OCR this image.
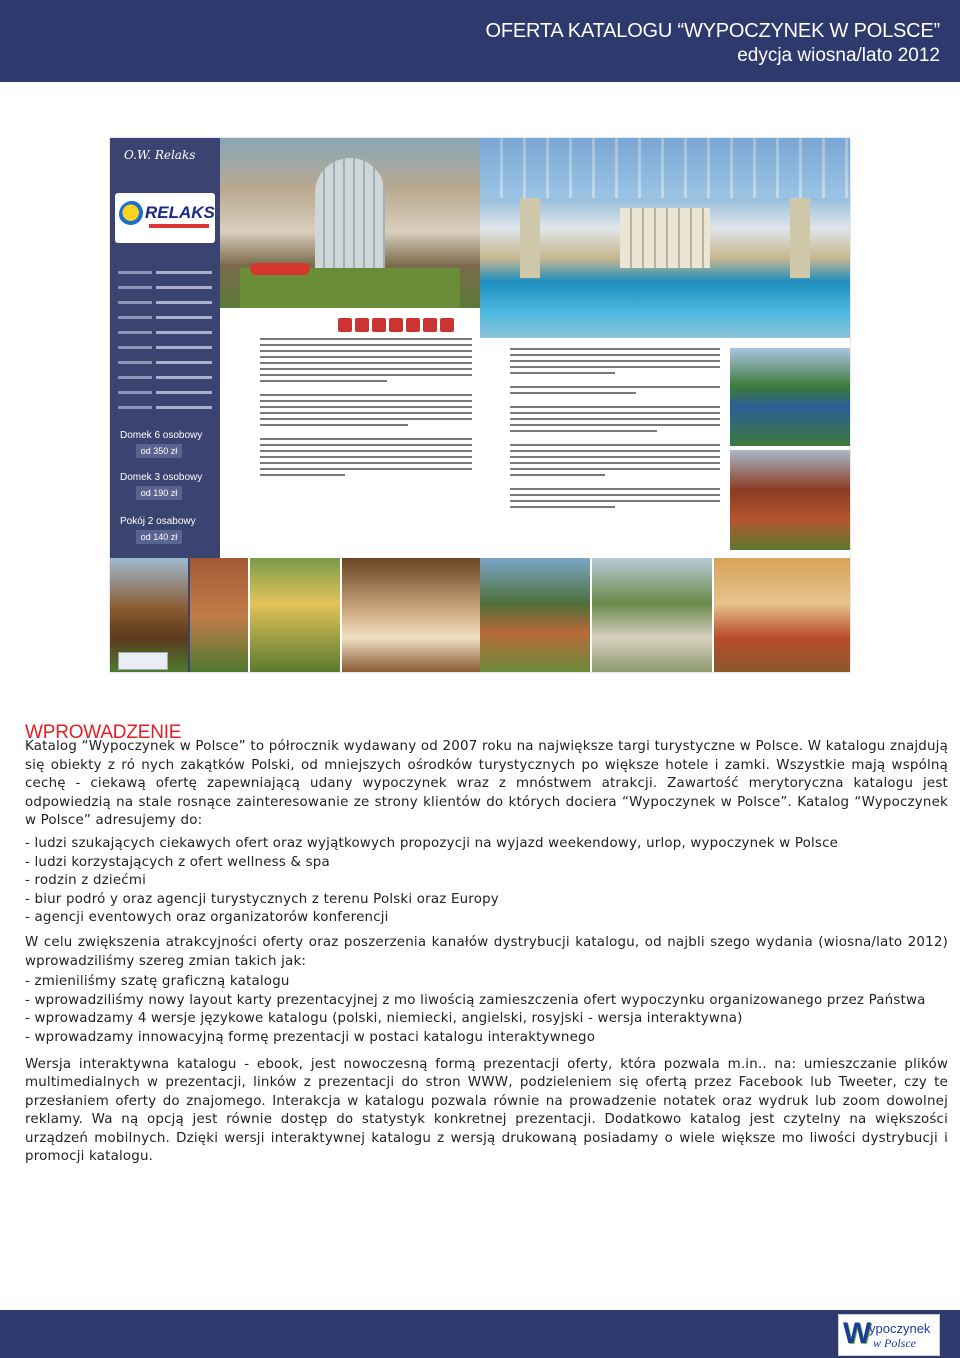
OFERTA KATALOGU “WYPOCZYNEK W POLSCE”
edycja wiosna/lato 2012
O.W. Relaks
RELAKS
Domek 6 osobowy
od 350 zł
Domek 3 osobowy
od 190 zł
Pokój 2 osabowy
od 140 zł
WPROWADZENIE

Katalog “Wypoczynek w Polsce” to półrocznik wydawany od 2007 roku na największe targi turystyczne w Polsce. W katalogu znajdują się obiekty z ró nych zakątków Polski, od mniejszych ośrodków turystycznych po większe hotele i zamki. Wszystkie mają wspólną cechę - ciekawą ofertę zapewniającą udany wypoczynek wraz z mnóstwem atrakcji. Zawartość merytoryczna katalogu jest odpowiedzią na stale rosnące zainteresowanie ze strony klientów do których dociera “Wypoczynek w Polsce”. Katalog “Wypoczynek w Polsce” adresujemy do:

- ludzi szukających ciekawych ofert oraz wyjątkowych propozycji na wyjazd weekendowy, urlop, wypoczynek w Polsce
- ludzi korzystających z ofert wellness & spa
- rodzin z dziećmi
- biur podró y oraz agencji turystycznych z terenu Polski oraz Europy
- agencji eventowych oraz organizatorów konferencji

W celu zwiększenia atrakcyjności oferty oraz poszerzenia kanałów dystrybucji katalogu, od najbli szego wydania (wiosna/lato 2012) wprowadziliśmy szereg zmian takich jak:

- zmieniliśmy szatę graficzną katalogu
- wprowadziliśmy nowy layout karty prezentacyjnej z mo liwością zamieszczenia ofert wypoczynku organizowanego przez Państwa
- wprowadzamy 4 wersje językowe katalogu (polski, niemiecki, angielski, rosyjski - wersja interaktywna)
- wprowadzamy innowacyjną formę prezentacji w postaci katalogu interaktywnego

Wersja interaktywna katalogu - ebook, jest nowoczesną formą prezentacji oferty, która pozwala m.in.. na: umieszczanie plików multimedialnych w prezentacji, linków z prezentacji do stron WWW, podzieleniem się ofertą przez Facebook lub Tweeter, czy te przesłaniem oferty do znajomego. Interakcja w katalogu pozwala równie na prowadzenie notatek oraz wydruk lub zoom dowolnej reklamy. Wa ną opcją jest równie dostęp do statystyk konkretnej prezentacji. Dodatkowo katalog jest czytelny na większości urządzeń mobilnych. Dzięki wersji interaktywnej katalogu z wersją drukowaną posiadamy o wiele większe mo liwości dystrybucji i promocji katalogu.

W
ypoczynek
w Polsce
